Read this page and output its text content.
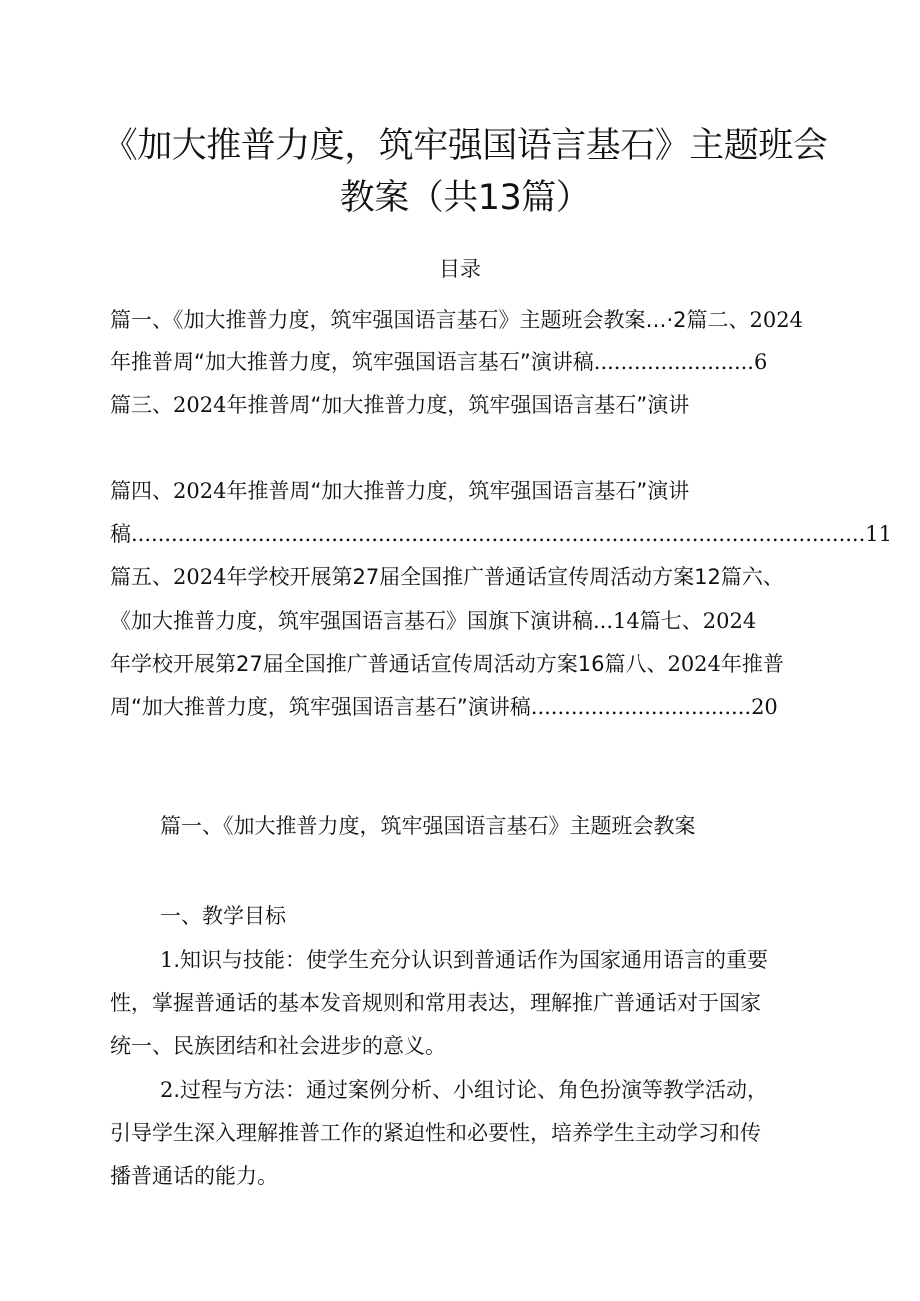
《加大推普力度，筑牢强国语言基石》主题班会
教案（共13篇）
目录
篇一、《加大推普力度，筑牢强国语言基石》主题班会教案…·2篇二、2024
年推普周“加大推普力度，筑牢强国语言基石”演讲稿........................6
篇三、2024年推普周“加大推普力度，筑牢强国语言基石”演讲
篇四、2024年推普周“加大推普力度，筑牢强国语言基石”演讲
稿..............................................................................................................11
篇五、2024年学校开展第27届全国推广普通话宣传周活动方案12篇六、
《加大推普力度，筑牢强国语言基石》国旗下演讲稿...14篇七、2024
年学校开展第27届全国推广普通话宣传周活动方案16篇八、2024年推普
周“加大推普力度，筑牢强国语言基石”演讲稿.................................20
篇一、《加大推普力度，筑牢强国语言基石》主题班会教案
一、教学目标
1.知识与技能：使学生充分认识到普通话作为国家通用语言的重要
性，掌握普通话的基本发音规则和常用表达，理解推广普通话对于国家
统一、民族团结和社会进步的意义。
2.过程与方法：通过案例分析、小组讨论、角色扮演等教学活动，
引导学生深入理解推普工作的紧迫性和必要性，培养学生主动学习和传
播普通话的能力。
